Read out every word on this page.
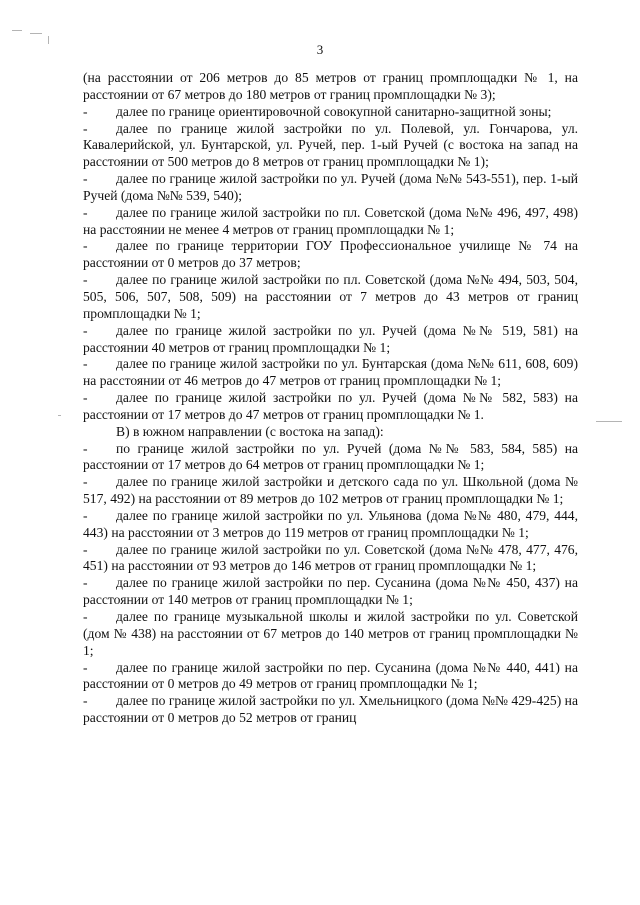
3

(на расстоянии от 206 метров до 85 метров от границ промплощадки № 1, на расстоянии от 67 метров до 180 метров от границ промплощадки № 3);

- далее по границе ориентировочной совокупной санитарно-защитной зоны;

- далее по границе жилой застройки по ул. Полевой, ул. Гончарова, ул. Кавалерийской, ул. Бунтарской, ул. Ручей, пер. 1-ый Ручей (с востока на запад на расстоянии от 500 метров до 8 метров от границ промплощадки № 1);

- далее по границе жилой застройки по ул. Ручей (дома №№ 543-551), пер. 1-ый Ручей (дома №№ 539, 540);

- далее по границе жилой застройки по пл. Советской (дома №№ 496, 497, 498) на расстоянии не менее 4 метров от границ промплощадки № 1;

- далее по границе территории ГОУ Профессиональное училище № 74 на расстоянии от 0 метров до 37 метров;

- далее по границе жилой застройки по пл. Советской (дома №№ 494, 503, 504, 505, 506, 507, 508, 509) на расстоянии от 7 метров до 43 метров от границ промплощадки № 1;

- далее по границе жилой застройки по ул. Ручей (дома №№ 519, 581) на расстоянии 40 метров от границ промплощадки № 1;

- далее по границе жилой застройки по ул. Бунтарская (дома №№ 611, 608, 609) на расстоянии от 46 метров до 47 метров от границ промплощадки № 1;

- далее по границе жилой застройки по ул. Ручей (дома №№ 582, 583) на расстоянии от 17 метров до 47 метров от границ промплощадки № 1.

В) в южном направлении (с востока на запад):

- по границе жилой застройки по ул. Ручей (дома №№ 583, 584, 585) на расстоянии от 17 метров до 64 метров от границ промплощадки № 1;

- далее по границе жилой застройки и детского сада по ул. Школьной (дома № 517, 492) на расстоянии от 89 метров до 102 метров от границ промплощадки № 1;

- далее по границе жилой застройки по ул. Ульянова (дома №№ 480, 479, 444, 443) на расстоянии от 3 метров до 119 метров от границ промплощадки № 1;

- далее по границе жилой застройки по ул. Советской (дома №№ 478, 477, 476, 451) на расстоянии от 93 метров до 146 метров от границ промплощадки № 1;

- далее по границе жилой застройки по пер. Сусанина (дома №№ 450, 437) на расстоянии от 140 метров от границ промплощадки № 1;

- далее по границе музыкальной школы и жилой застройки по ул. Советской (дом № 438) на расстоянии от 67 метров до 140 метров от границ промплощадки № 1;

- далее по границе жилой застройки по пер. Сусанина (дома №№ 440, 441) на расстоянии от 0 метров до 49 метров от границ промплощадки № 1;

- далее по границе жилой застройки по ул. Хмельницкого (дома №№ 429-425) на расстоянии от 0 метров до 52 метров от границ
